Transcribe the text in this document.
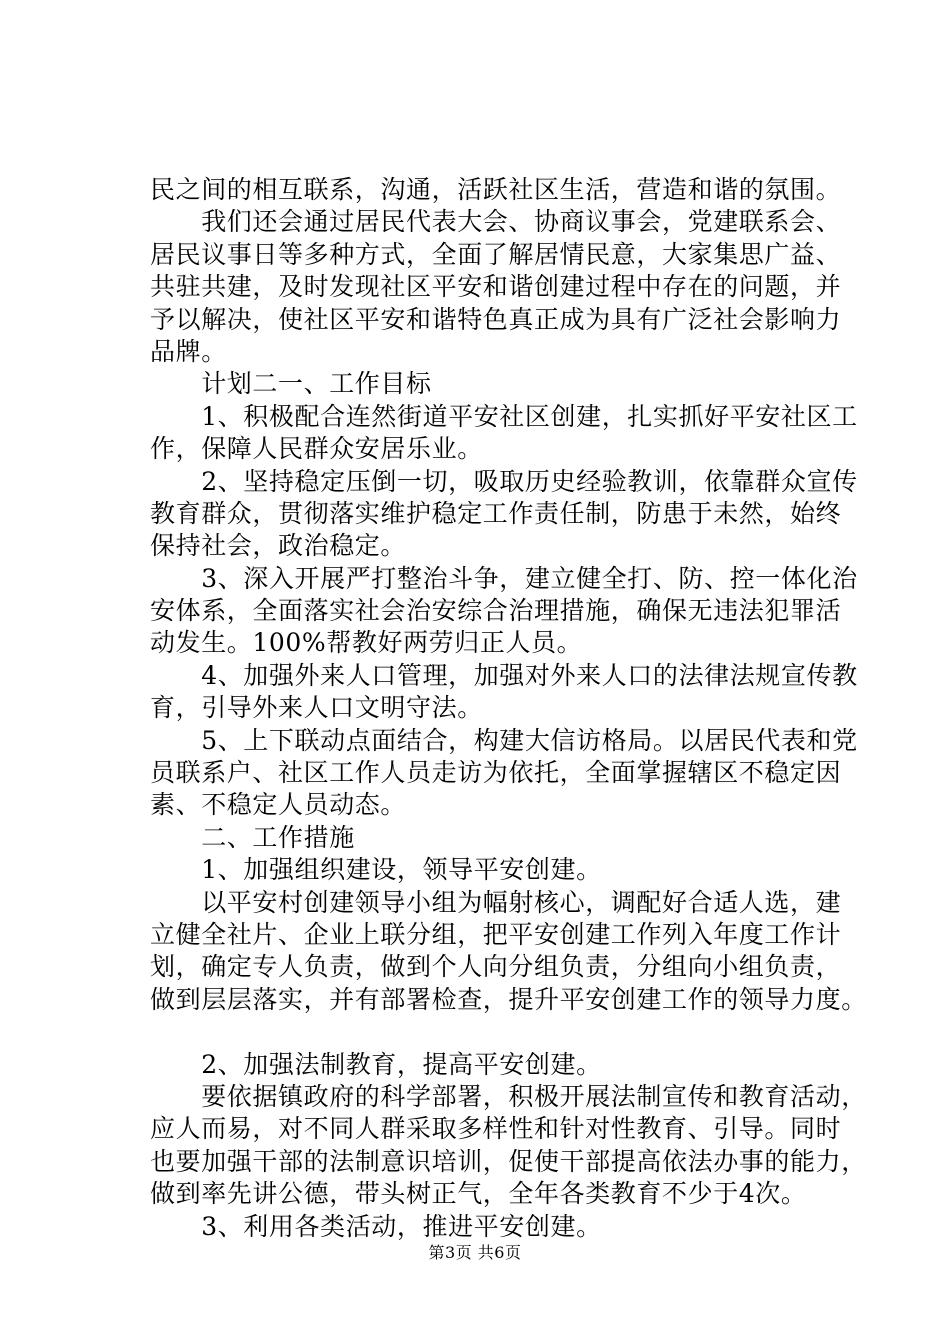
民之间的相互联系，沟通，活跃社区生活，营造和谐的氛围。
　　我们还会通过居民代表大会、协商议事会，党建联系会、
居民议事日等多种方式，全面了解居情民意，大家集思广益、
共驻共建，及时发现社区平安和谐创建过程中存在的问题，并
予以解决，使社区平安和谐特色真正成为具有广泛社会影响力
品牌。
　　计划二一、工作目标
　　1、积极配合连然街道平安社区创建，扎实抓好平安社区工
作，保障人民群众安居乐业。
　　2、坚持稳定压倒一切，吸取历史经验教训，依靠群众宣传
教育群众，贯彻落实维护稳定工作责任制，防患于未然，始终
保持社会，政治稳定。
　　3、深入开展严打整治斗争，建立健全打、防、控一体化治
安体系，全面落实社会治安综合治理措施，确保无违法犯罪活
动发生。100%帮教好两劳归正人员。
　　4、加强外来人口管理，加强对外来人口的法律法规宣传教
育，引导外来人口文明守法。
　　5、上下联动点面结合，构建大信访格局。以居民代表和党
员联系户、社区工作人员走访为依托，全面掌握辖区不稳定因
素、不稳定人员动态。
　　二、工作措施
　　1、加强组织建设，领导平安创建。
　　以平安村创建领导小组为幅射核心，调配好合适人选，建
立健全社片、企业上联分组，把平安创建工作列入年度工作计
划，确定专人负责，做到个人向分组负责，分组向小组负责，
做到层层落实，并有部署检查，提升平安创建工作的领导力度。
　　2、加强法制教育，提高平安创建。
　　要依据镇政府的科学部署，积极开展法制宣传和教育活动，
应人而易，对不同人群采取多样性和针对性教育、引导。同时
也要加强干部的法制意识培训，促使干部提高依法办事的能力，
做到率先讲公德，带头树正气，全年各类教育不少于4次。
　　3、利用各类活动，推进平安创建。
第3页 共6页
